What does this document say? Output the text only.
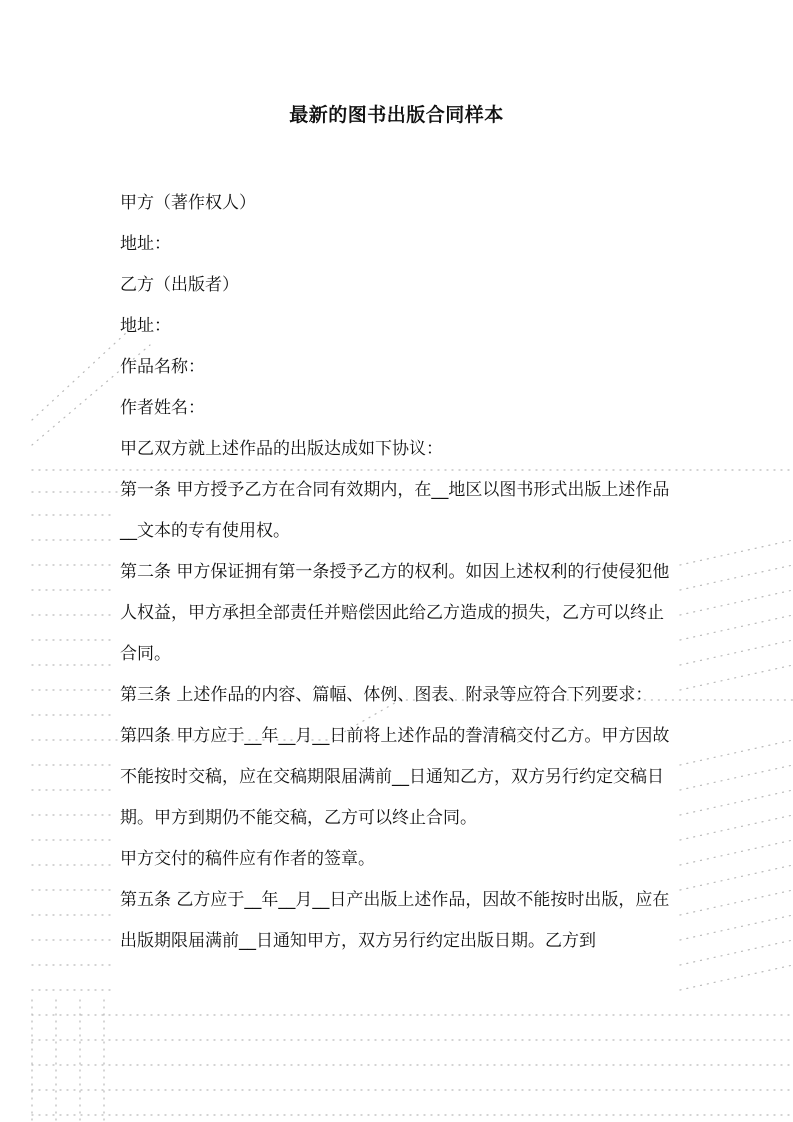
最新的图书出版合同样本

甲方（著作权人）

地址：

乙方（出版者）

地址：

作品名称：

作者姓名：

甲乙双方就上述作品的出版达成如下协议：

第一条 甲方授予乙方在合同有效期内，在__地区以图书形式出版上述作品__文本的专有使用权。

第二条 甲方保证拥有第一条授予乙方的权利。如因上述权利的行使侵犯他人权益，甲方承担全部责任并赔偿因此给乙方造成的损失，乙方可以终止合同。

第三条 上述作品的内容、篇幅、体例、图表、附录等应符合下列要求：

第四条 甲方应于__年__月__日前将上述作品的誊清稿交付乙方。甲方因故不能按时交稿，应在交稿期限届满前__日通知乙方，双方另行约定交稿日期。甲方到期仍不能交稿，乙方可以终止合同。

甲方交付的稿件应有作者的签章。

第五条 乙方应于__年__月__日产出版上述作品，因故不能按时出版，应在出版期限届满前__日通知甲方，双方另行约定出版日期。乙方到
